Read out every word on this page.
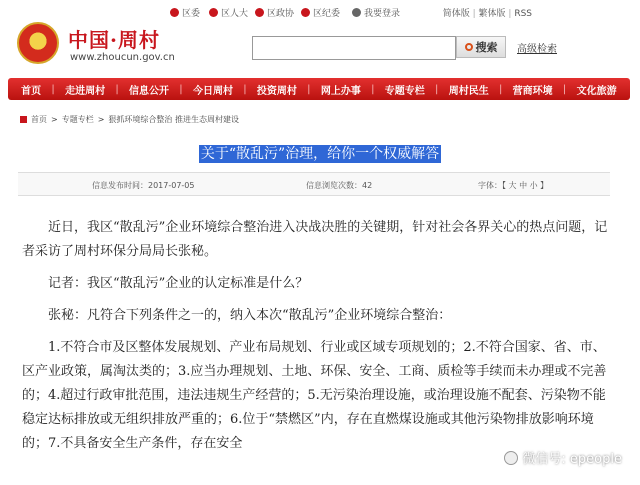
区委 区人大 区政协 区纪委	我要登录	简体版 | 繁体版 | RSS
中国·周村
www.zhoucun.gov.cn
搜索 高级检索
首页 | 走进周村 | 信息公开 | 今日周村 | 投资周村 | 网上办事 | 专题专栏 | 周村民生 | 营商环境 | 文化旅游
首页 > 专题专栏 > 狠抓环境综合整治 推进生态周村建设
关于“散乱污”治理，给你一个权威解答
信息发布时间：2017-07-05	信息浏览次数：42	字体：【 大 中 小 】

近日，我区“散乱污”企业环境综合整治进入决战决胜的关键期，针对社会各界关心的热点问题，记者采访了周村环保分局局长张秘。

记者：我区“散乱污”企业的认定标准是什么？

张秘：凡符合下列条件之一的，纳入本次“散乱污”企业环境综合整治：

1.不符合市及区整体发展规划、产业布局规划、行业或区域专项规划的；2.不符合国家、省、市、区产业政策，属淘汰类的；3.应当办理规划、土地、环保、安全、工商、质检等手续而未办理或不完善的；4.超过行政审批范围，违法违规生产经营的；5.无污染治理设施，或治理设施不配套、污染物不能稳定达标排放或无组织排放严重的；6.位于“禁燃区”内，存在直燃煤设施或其他污染物排放影响环境的；7.不具备安全生产条件，存在安全

微信号: epeople
